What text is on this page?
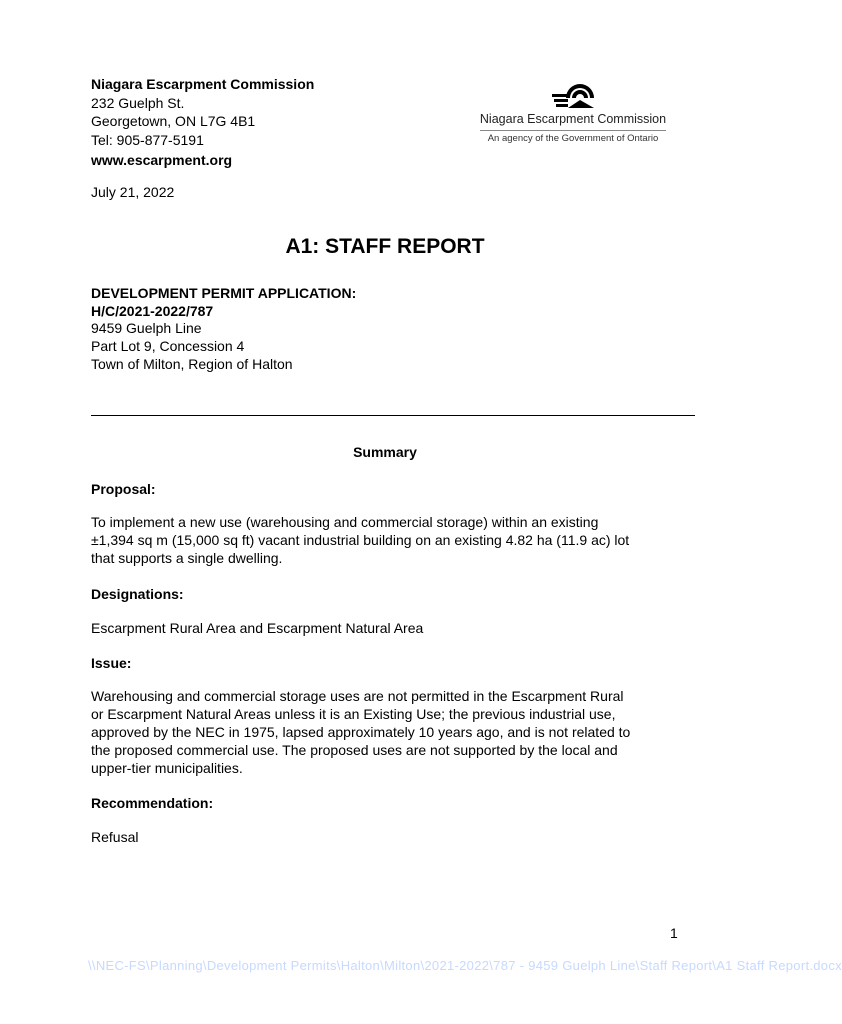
Niagara Escarpment Commission
232 Guelph St.
Georgetown, ON L7G 4B1
Tel: 905-877-5191
www.escarpment.org
Niagara Escarpment Commission
An agency of the Government of Ontario
July 21, 2022
A1: STAFF REPORT
DEVELOPMENT PERMIT APPLICATION:
H/C/2021-2022/787
9459 Guelph Line
Part Lot 9, Concession 4
Town of Milton, Region of Halton
Summary
Proposal:
To implement a new use (warehousing and commercial storage) within an existing
±1,394 sq m (15,000 sq ft) vacant industrial building on an existing 4.82 ha (11.9 ac) lot
that supports a single dwelling.
Designations:
Escarpment Rural Area and Escarpment Natural Area
Issue:
Warehousing and commercial storage uses are not permitted in the Escarpment Rural
or Escarpment Natural Areas unless it is an Existing Use; the previous industrial use,
approved by the NEC in 1975, lapsed approximately 10 years ago, and is not related to
the proposed commercial use. The proposed uses are not supported by the local and
upper-tier municipalities.
Recommendation:
Refusal
1
\\NEC-FS\Planning\Development Permits\Halton\Milton\2021-2022\787 - 9459 Guelph Line\Staff Report\A1 Staff Report.docx
